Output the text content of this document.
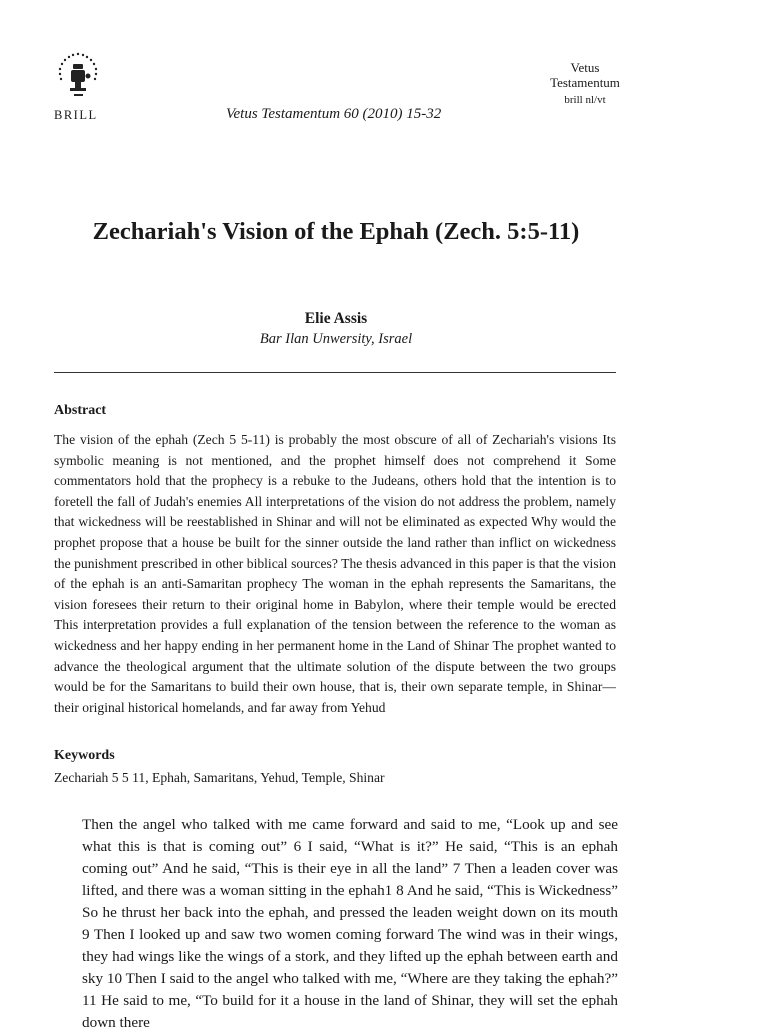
BRILL	Vetus Testamentum 60 (2010) 15-32
Vetus
Testamentum
brill nl/vt
Zechariah's Vision of the Ephah (Zech. 5:5-11)
Elie Assis
Bar Ilan Unwersity, Israel
Abstract

The vision of the ephah (Zech 5 5-11) is probably the most obscure of all of Zechariah's visions Its symbolic meaning is not mentioned, and the prophet himself does not comprehend it Some commentators hold that the prophecy is a rebuke to the Judeans, others hold that the intention is to foretell the fall of Judah's enemies All interpretations of the vision do not address the problem, namely that wickedness will be reestablished in Shinar and will not be eliminated as expected Why would the prophet propose that a house be built for the sinner outside the land rather than inflict on wickedness the punishment prescribed in other biblical sources? The thesis advanced in this paper is that the vision of the ephah is an anti-Samaritan prophecy The woman in the ephah represents the Samaritans, the vision foresees their return to their original home in Babylon, where their temple would be erected This interpretation provides a full explanation of the tension between the reference to the woman as wickedness and her happy ending in her permanent home in the Land of Shinar The prophet wanted to advance the theological argument that the ultimate solution of the dispute between the two groups would be for the Samaritans to build their own house, that is, their own separate temple, in Shinar—their original historical homelands, and far away from Yehud

Keywords
Zechariah 5 5 11, Ephah, Samaritans, Yehud, Temple, Shinar

Then the angel who talked with me came forward and said to me, “Look up and see what this is that is coming out” 6 I said, “What is it?” He said, “This is an ephah coming out” And he said, “This is their eye in all the land” 7 Then a leaden cover was lifted, and there was a woman sitting in the ephah1 8 And he said, “This is Wickedness” So he thrust her back into the ephah, and pressed the leaden weight down on its mouth 9 Then I looked up and saw two women coming forward The wind was in their wings, they had wings like the wings of a stork, and they lifted up the ephah between earth and sky 10 Then I said to the angel who talked with me, “Where are they taking the ephah?” 11 He said to me, “To build for it a house in the land of Shinar, they will set the ephah down there
